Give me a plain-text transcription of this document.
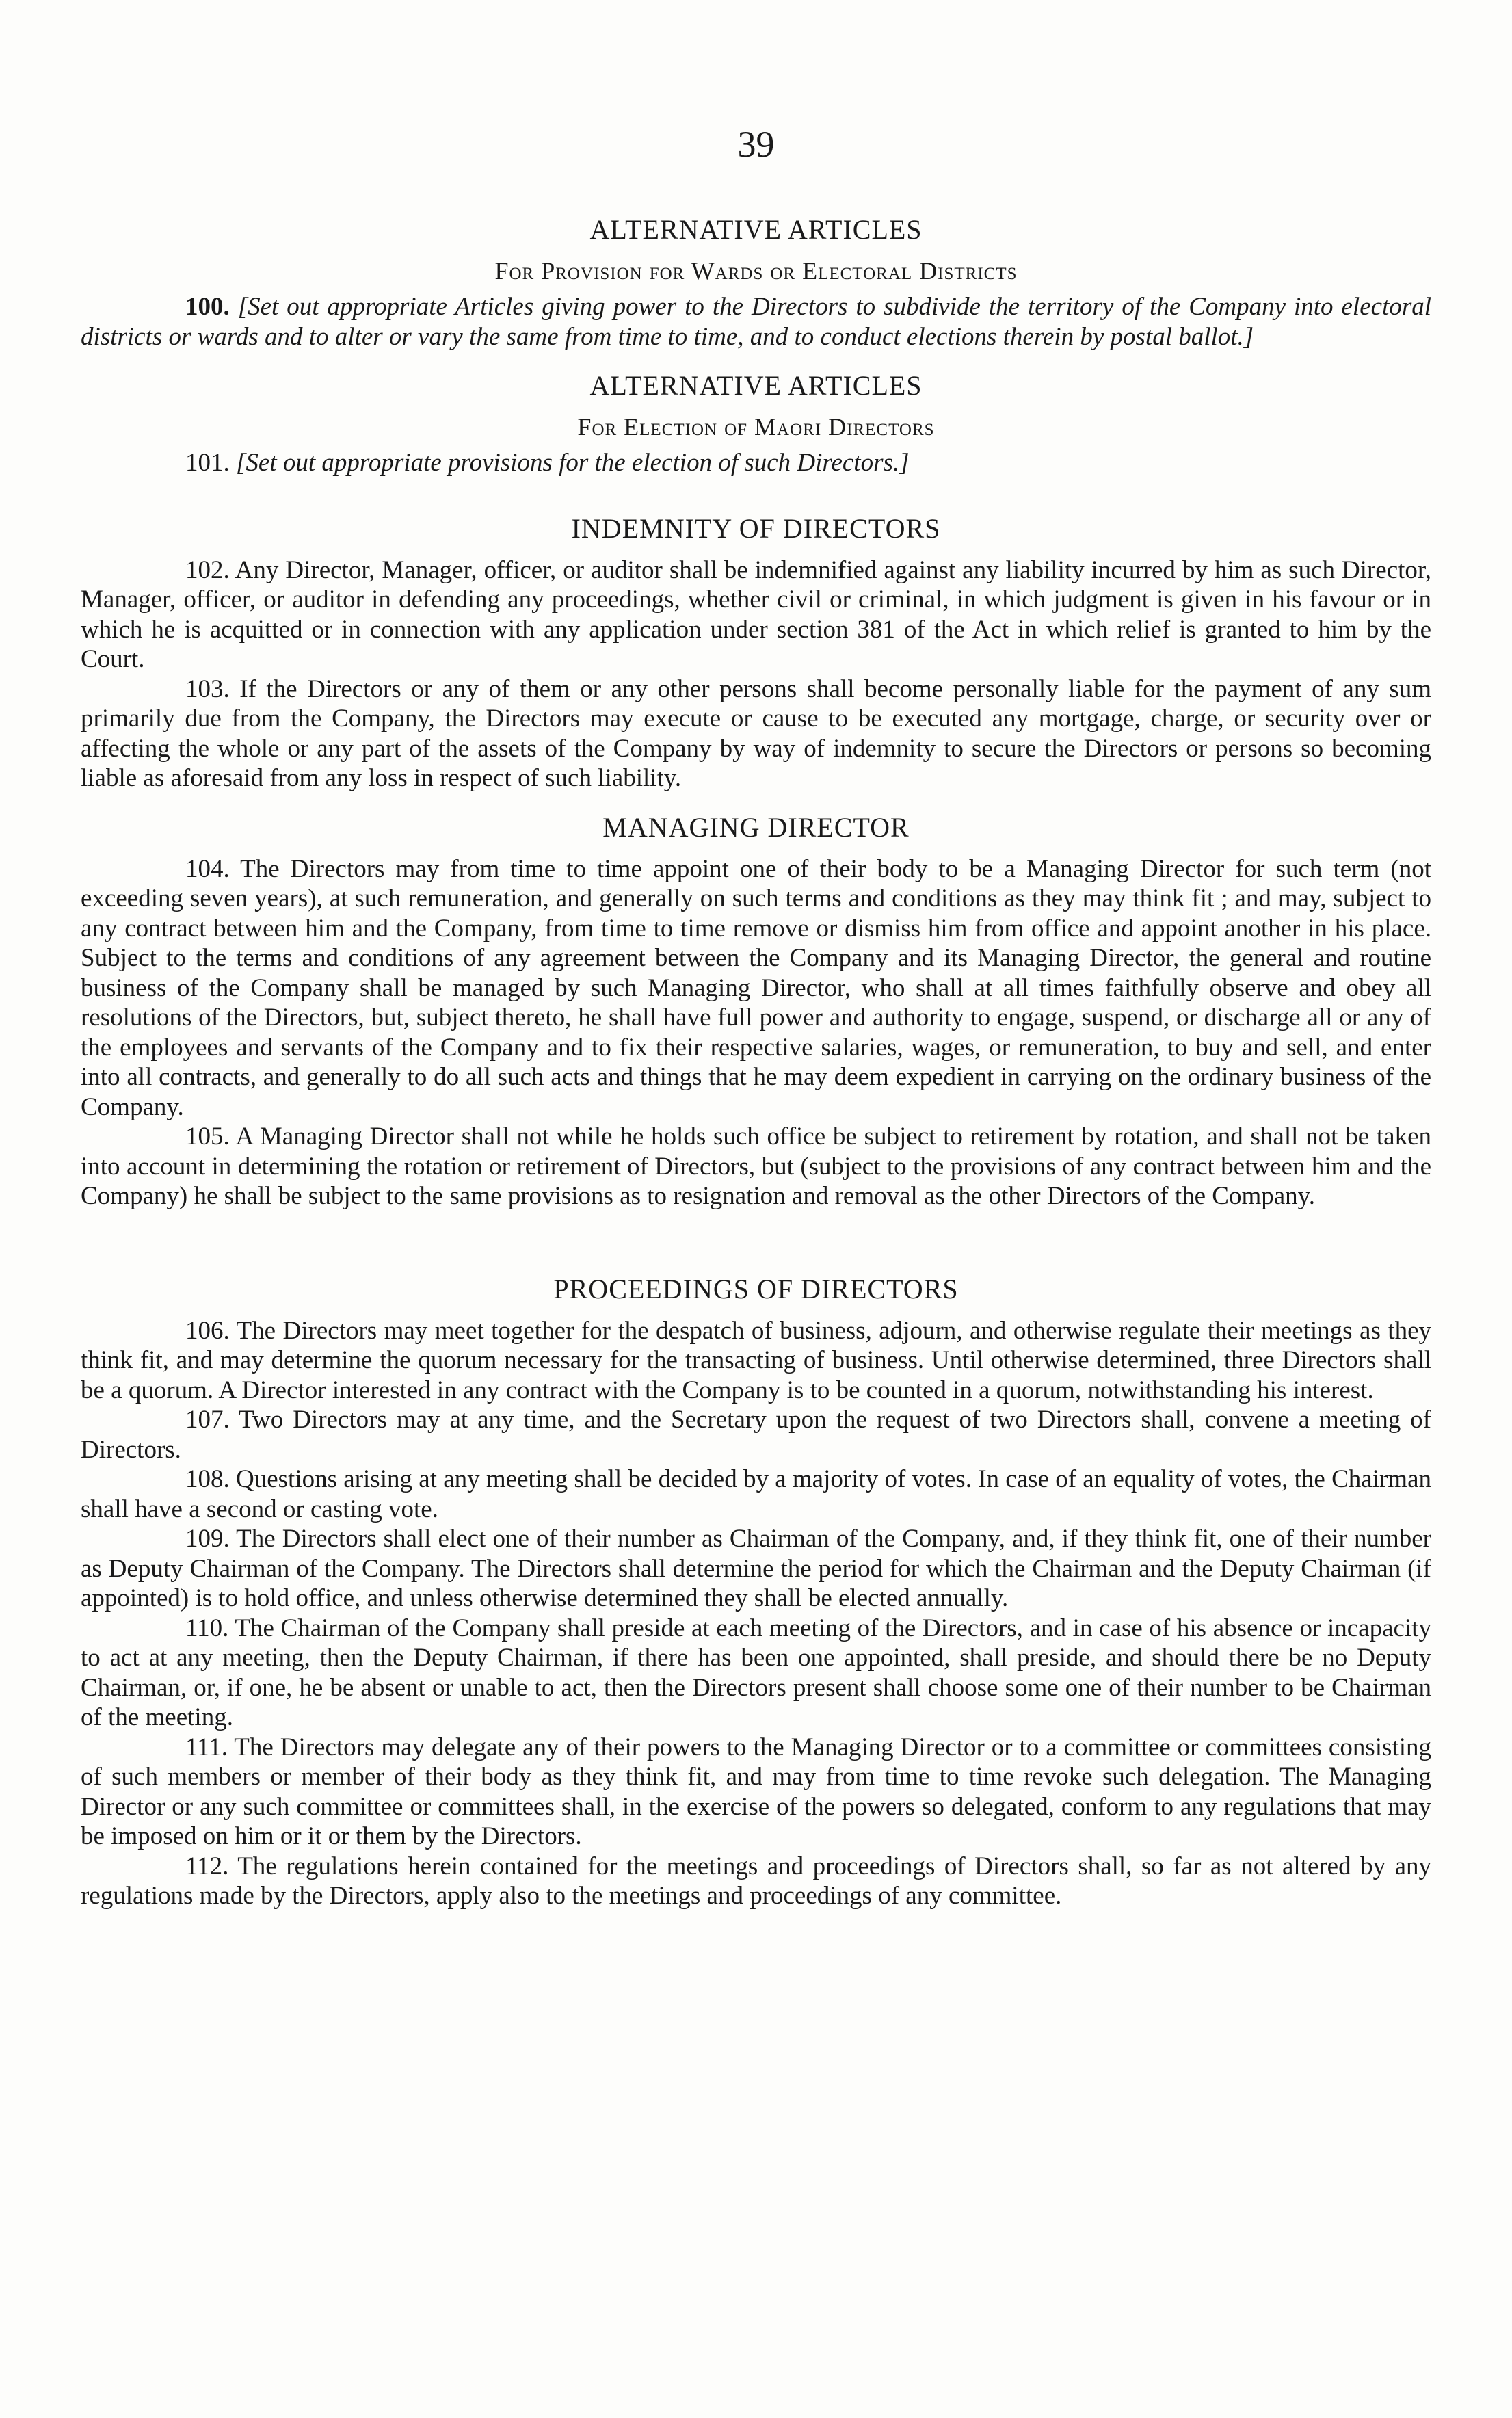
39
ALTERNATIVE ARTICLES
For Provision for Wards or Electoral Districts

100. [Set out appropriate Articles giving power to the Directors to subdivide the territory of the Company into electoral districts or wards and to alter or vary the same from time to time, and to conduct elections therein by postal ballot.]

ALTERNATIVE ARTICLES
For Election of Maori Directors

101. [Set out appropriate provisions for the election of such Directors.]

INDEMNITY OF DIRECTORS

102. Any Director, Manager, officer, or auditor shall be indemnified against any liability incurred by him as such Director, Manager, officer, or auditor in defending any proceedings, whether civil or criminal, in which judgment is given in his favour or in which he is acquitted or in connection with any application under section 381 of the Act in which relief is granted to him by the Court.

103. If the Directors or any of them or any other persons shall become personally liable for the payment of any sum primarily due from the Company, the Directors may execute or cause to be executed any mortgage, charge, or security over or affecting the whole or any part of the assets of the Company by way of indemnity to secure the Directors or persons so becoming liable as aforesaid from any loss in respect of such liability.

MANAGING DIRECTOR

104. The Directors may from time to time appoint one of their body to be a Managing Director for such term (not exceeding seven years), at such remuneration, and generally on such terms and conditions as they may think fit ; and may, subject to any contract between him and the Company, from time to time remove or dismiss him from office and appoint another in his place. Subject to the terms and conditions of any agreement between the Company and its Managing Director, the general and routine business of the Company shall be managed by such Managing Director, who shall at all times faithfully observe and obey all resolutions of the Directors, but, subject thereto, he shall have full power and authority to engage, suspend, or discharge all or any of the employees and servants of the Company and to fix their respective salaries, wages, or remuneration, to buy and sell, and enter into all contracts, and generally to do all such acts and things that he may deem expedient in carrying on the ordinary business of the Company.

105. A Managing Director shall not while he holds such office be subject to retirement by rotation, and shall not be taken into account in determining the rotation or retirement of Directors, but (subject to the provisions of any contract between him and the Company) he shall be subject to the same provisions as to resignation and removal as the other Directors of the Company.

PROCEEDINGS OF DIRECTORS

106. The Directors may meet together for the despatch of business, adjourn, and otherwise regulate their meetings as they think fit, and may determine the quorum necessary for the transacting of business. Until otherwise determined, three Directors shall be a quorum. A Director interested in any contract with the Company is to be counted in a quorum, notwithstanding his interest.

107. Two Directors may at any time, and the Secretary upon the request of two Directors shall, convene a meeting of Directors.

108. Questions arising at any meeting shall be decided by a majority of votes. In case of an equality of votes, the Chairman shall have a second or casting vote.

109. The Directors shall elect one of their number as Chairman of the Company, and, if they think fit, one of their number as Deputy Chairman of the Company. The Directors shall determine the period for which the Chairman and the Deputy Chairman (if appointed) is to hold office, and unless otherwise determined they shall be elected annually.

110. The Chairman of the Company shall preside at each meeting of the Directors, and in case of his absence or incapacity to act at any meeting, then the Deputy Chairman, if there has been one appointed, shall preside, and should there be no Deputy Chairman, or, if one, he be absent or unable to act, then the Directors present shall choose some one of their number to be Chairman of the meeting.

111. The Directors may delegate any of their powers to the Managing Director or to a committee or committees consisting of such members or member of their body as they think fit, and may from time to time revoke such delegation. The Managing Director or any such committee or committees shall, in the exercise of the powers so delegated, conform to any regulations that may be imposed on him or it or them by the Directors.

112. The regulations herein contained for the meetings and proceedings of Directors shall, so far as not altered by any regulations made by the Directors, apply also to the meetings and proceedings of any committee.
